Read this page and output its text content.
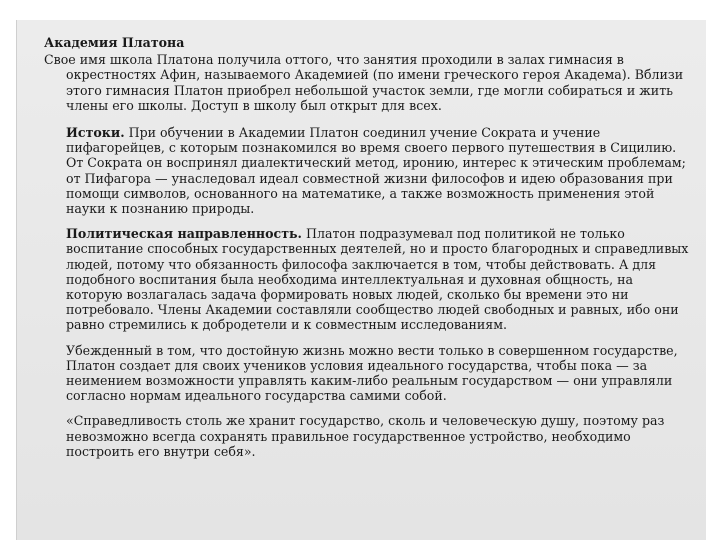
Академия Платона

Свое имя школа Платона получила оттого, что занятия проходили в залах гимнасия в окрестностях Афин, называемого Академией (по имени греческого героя Академа). Вблизи этого гимнасия Платон приобрел небольшой участок земли, где могли собираться и жить члены его школы. Доступ в школу был открыт для всех.

Истоки. При обучении в Академии Платон соединил учение Сократа и учение пифагорейцев, с которым познакомился во время своего первого путешествия в Сицилию. От Сократа он воспринял диалектический метод, иронию, интерес к этическим проблемам; от Пифагора — унаследовал идеал совместной жизни философов и идею образования при помощи символов, основанного на математике, а также возможность применения этой науки к познанию природы.

Политическая направленность. Платон подразумевал под политикой не только воспитание способных государственных деятелей, но и просто благородных и справедливых людей, потому что обязанность философа заключается в том, чтобы действовать. А для подобного воспитания была необходима интеллектуальная и духовная общность, на которую возлагалась задача формировать новых людей, сколько бы времени это ни потребовало. Члены Академии составляли сообщество людей свободных и равных, ибо они равно стремились к добродетели и к совместным исследованиям.

Убежденный в том, что достойную жизнь можно вести только в совершенном государстве, Платон создает для своих учеников условия идеального государства, чтобы пока — за неимением возможности управлять каким-либо реальным государством — они управляли согласно нормам идеального государства самими собой.

«Справедливость столь же хранит государство, сколь и человеческую душу, поэтому раз невозможно всегда сохранять правильное государственное устройство, необходимо построить его внутри себя».
